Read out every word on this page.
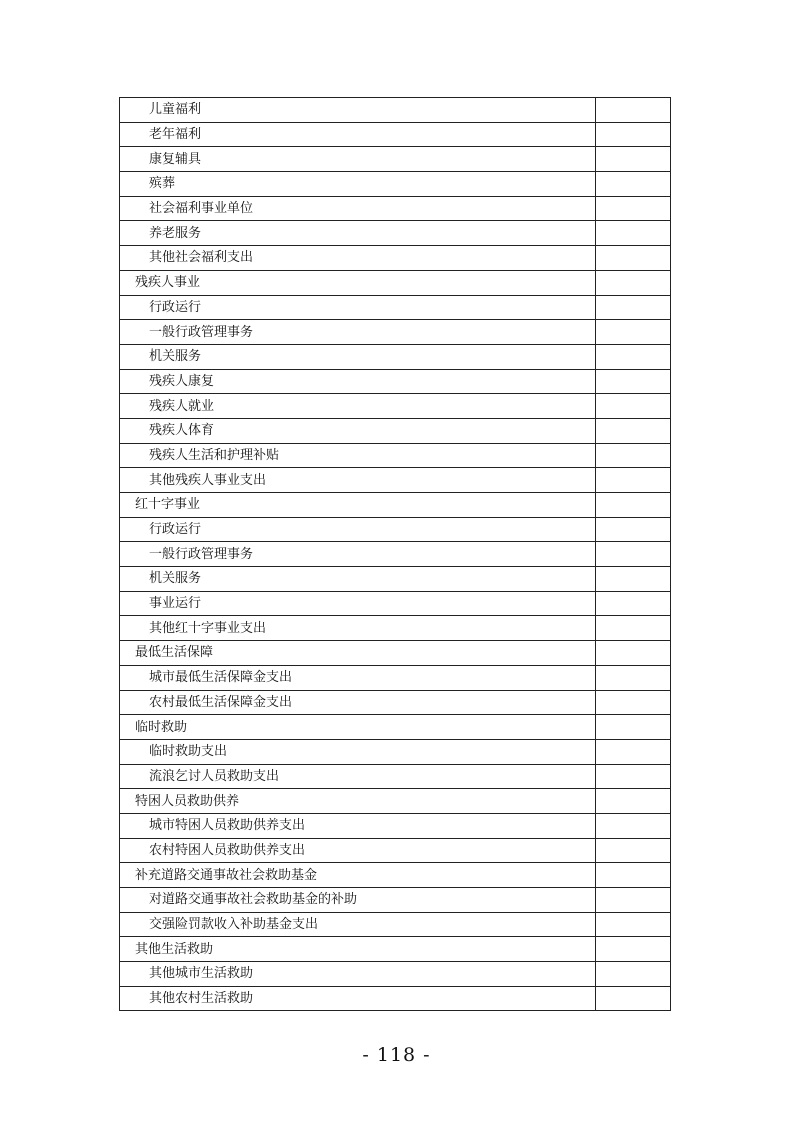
儿童福利	
老年福利	
康复辅具	
殡葬	
社会福利事业单位	
养老服务	
其他社会福利支出	
残疾人事业	
行政运行	
一般行政管理事务	
机关服务	
残疾人康复	
残疾人就业	
残疾人体育	
残疾人生活和护理补贴	
其他残疾人事业支出	
红十字事业	
行政运行	
一般行政管理事务	
机关服务	
事业运行	
其他红十字事业支出	
最低生活保障	
城市最低生活保障金支出	
农村最低生活保障金支出	
临时救助	
临时救助支出	
流浪乞讨人员救助支出	
特困人员救助供养	
城市特困人员救助供养支出	
农村特困人员救助供养支出	
补充道路交通事故社会救助基金	
对道路交通事故社会救助基金的补助	
交强险罚款收入补助基金支出	
其他生活救助	
其他城市生活救助	
其他农村生活救助	
- 118 -
